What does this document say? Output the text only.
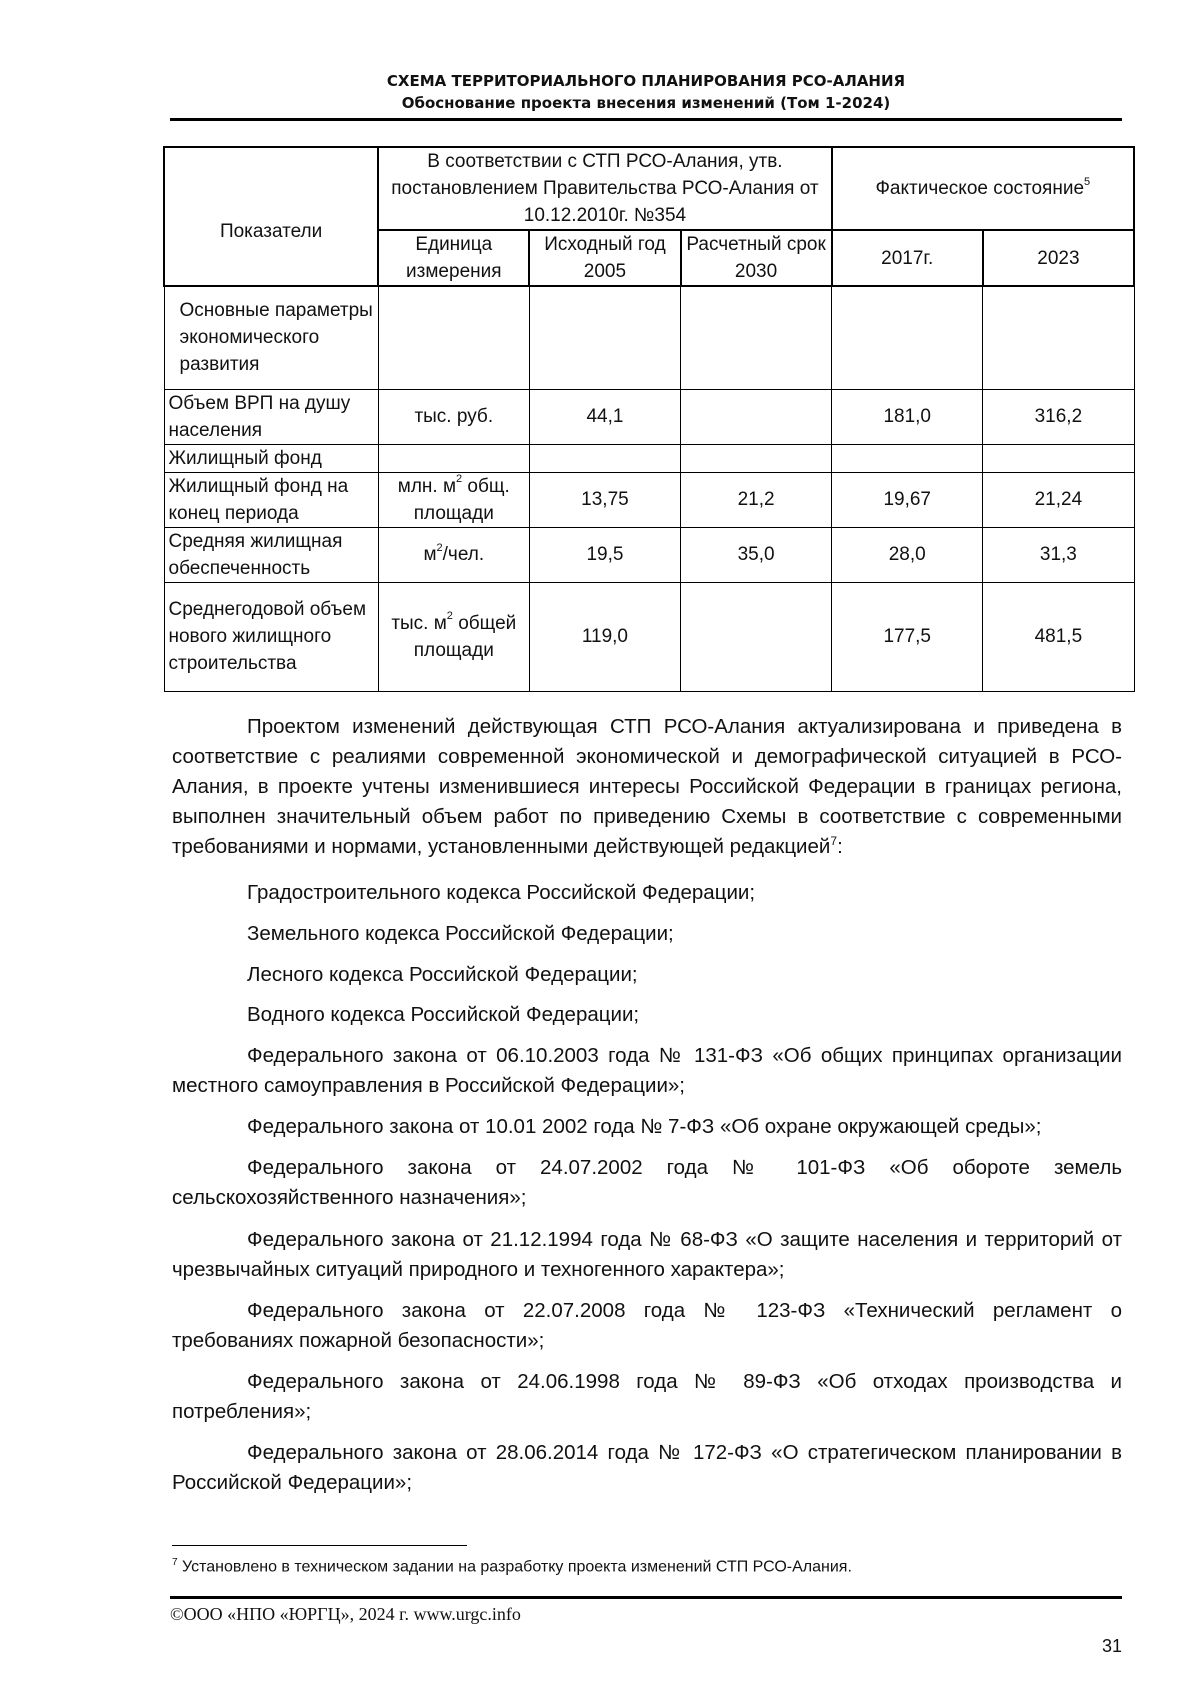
СХЕМА ТЕРРИТОРИАЛЬНОГО ПЛАНИРОВАНИЯ РСО-АЛАНИЯ
Обоснование проекта внесения изменений (Том 1-2024)
Показатели	В соответствии с СТП РСО-Алания, утв. постановлением Правительства РСО-Алания от 10.12.2010г. №354			Фактическое состояние$^5$
	Единица измерения	Исходный год 2005	Расчетный срок 2030	2017г.	2023
Основные параметры экономического развития					
Объем ВРП на душу населения	тыс. руб.	44,1		181,0	316,2
Жилищный фонд					
Жилищный фонд на конец периода	млн. $м^2$ общ. площади	13,75	21,2	19,67	21,24
Средняя жилищная обеспеченность	$м^2$/чел.	19,5	35,0	28,0	31,3
Среднегодовой объем нового жилищного строительства	тыс. $м^2$ общей площади	119,0		177,5	481,5

Проектом изменений действующая СТП РСО-Алания актуализирована и приведена в соответствие с реалиями современной экономической и демографической ситуацией в РСО-Алания, в проекте учтены изменившиеся интересы Российской Федерации в границах региона, выполнен значительный объем работ по приведению Схемы в соответствие с современными требованиями и нормами, установленными действующей редакцией$^7$:

Градостроительного кодекса Российской Федерации;

Земельного кодекса Российской Федерации;

Лесного кодекса Российской Федерации;

Водного кодекса Российской Федерации;

Федерального закона от 06.10.2003 года № 131-ФЗ «Об общих принципах организации местного самоуправления в Российской Федерации»;

Федерального закона от 10.01 2002 года № 7-ФЗ «Об охране окружающей среды»;

Федерального закона от 24.07.2002 года № 101-ФЗ «Об обороте земель сельскохозяйственного назначения»;

Федерального закона от 21.12.1994 года № 68-ФЗ «О защите населения и территорий от чрезвычайных ситуаций природного и техногенного характера»;

Федерального закона от 22.07.2008 года № 123-ФЗ «Технический регламент о требованиях пожарной безопасности»;

Федерального закона от 24.06.1998 года № 89-ФЗ «Об отходах производства и потребления»;

Федерального закона от 28.06.2014 года № 172-ФЗ «О стратегическом планировании в Российской Федерации»;

$^7$ Установлено в техническом задании на разработку проекта изменений СТП РСО-Алания.
©ООО «НПО «ЮРГЦ», 2024 г. www.urgc.info
31
